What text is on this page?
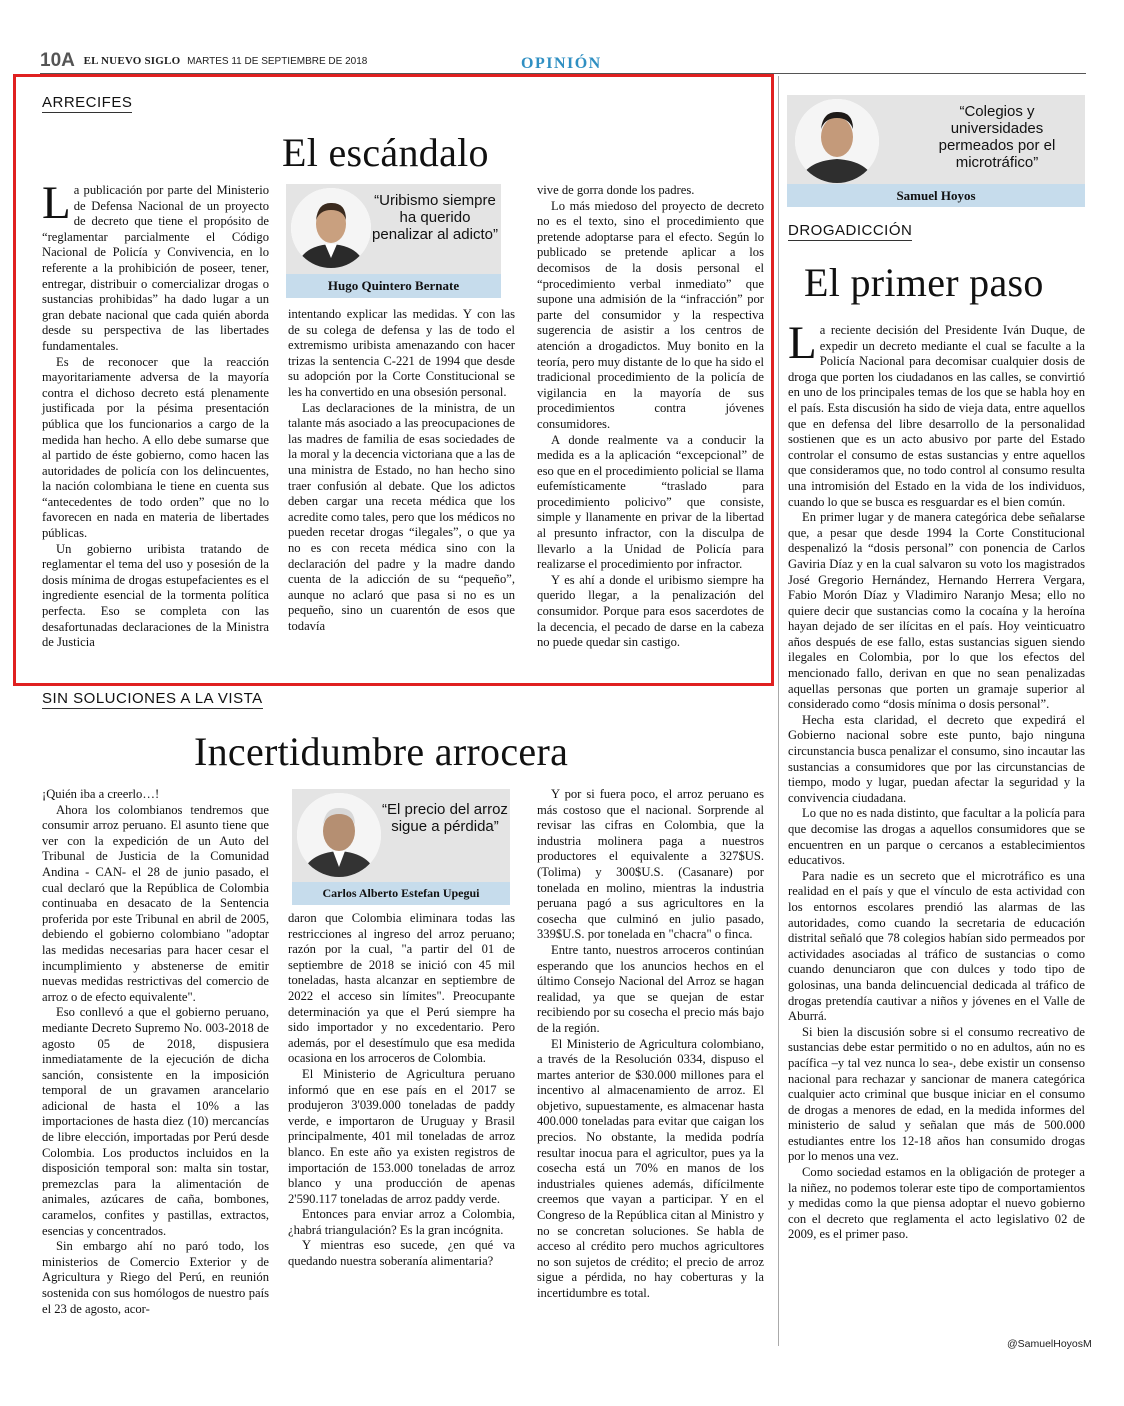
10A EL NUEVO SIGLO MARTES 11 DE SEPTIEMBRE DE 2018	OPINIÓN
ARRECIFES
El escándalo

La publicación por parte del Ministerio de Defensa Nacional de un proyecto de decreto que tiene el propósito de “reglamentar parcialmente el Código Nacional de Policía y Convivencia, en lo referente a la prohibición de poseer, tener, entregar, distribuir o comercializar drogas o sustancias prohibidas” ha dado lugar a un gran debate nacional que cada quién aborda desde su perspectiva de las libertades fundamentales.

Es de reconocer que la reacción mayoritariamente adversa de la mayoría contra el dichoso decreto está plenamente justificada por la pésima presentación pública que los funcionarios a cargo de la medida han hecho. A ello debe sumarse que al partido de éste gobierno, como hacen las autoridades de policía con los delincuentes, la nación colombiana le tiene en cuenta sus “antecedentes de todo orden” que no lo favorecen en nada en materia de libertades públicas.

Un gobierno uribista tratando de reglamentar el tema del uso y posesión de la dosis mínima de drogas estupefacientes es el ingrediente esencial de la tormenta política perfecta. Eso se completa con las desafortunadas declaraciones de la Ministra de Justicia

“Uribismo siempre ha querido penalizar al adicto”
Hugo Quintero Bernate

intentando explicar las medidas. Y con las de su colega de defensa y las de todo el extremismo uribista amenazando con hacer trizas la sentencia C-221 de 1994 que desde su adopción por la Corte Constitucional se les ha convertido en una obsesión personal.

Las declaraciones de la ministra, de un talante más asociado a las preocupaciones de las madres de familia de esas sociedades de la moral y la decencia victoriana que a las de una ministra de Estado, no han hecho sino traer confusión al debate. Que los adictos deben cargar una receta médica que los acredite como tales, pero que los médicos no pueden recetar drogas “ilegales”, o que ya no es con receta médica sino con la declaración del padre y la madre dando cuenta de la adicción de su “pequeño”, aunque no aclaró que pasa si no es un pequeño, sino un cuarentón de esos que todavía

vive de gorra donde los padres.

Lo más miedoso del proyecto de decreto no es el texto, sino el procedimiento que pretende adoptarse para el efecto. Según lo publicado se pretende aplicar a los decomisos de la dosis personal el “procedimiento verbal inmediato” que supone una admisión de la “infracción” por parte del consumidor y la respectiva sugerencia de asistir a los centros de atención a drogadictos. Muy bonito en la teoría, pero muy distante de lo que ha sido el tradicional procedimiento de la policía de vigilancia en la mayoría de sus procedimientos contra jóvenes consumidores.

A donde realmente va a conducir la medida es a la aplicación “excepcional” de eso que en el procedimiento policial se llama eufemísticamente “traslado para procedimiento policivo” que consiste, simple y llanamente en privar de la libertad al presunto infractor, con la disculpa de llevarlo a la Unidad de Policía para realizarse el procedimiento por infractor.

Y es ahí a donde el uribismo siempre ha querido llegar, a la penalización del consumidor. Porque para esos sacerdotes de la decencia, el pecado de darse en la cabeza no puede quedar sin castigo.

SIN SOLUCIONES A LA VISTA
Incertidumbre arrocera

¡Quién iba a creerlo…!

Ahora los colombianos tendremos que consumir arroz peruano. El asunto tiene que ver con la expedición de un Auto del Tribunal de Justicia de la Comunidad Andina - CAN- el 28 de junio pasado, el cual declaró que la República de Colombia continuaba en desacato de la Sentencia proferida por este Tribunal en abril de 2005, debiendo el gobierno colombiano "adoptar las medidas necesarias para hacer cesar el incumplimiento y abstenerse de emitir nuevas medidas restrictivas del comercio de arroz o de efecto equivalente".

Eso conllevó a que el gobierno peruano, mediante Decreto Supremo No. 003-2018 de agosto 05 de 2018, dispusiera inmediatamente de la ejecución de dicha sanción, consistente en la imposición temporal de un gravamen arancelario adicional de hasta el 10% a las importaciones de hasta diez (10) mercancías de libre elección, importadas por Perú desde Colombia. Los productos incluidos en la disposición temporal son: malta sin tostar, premezclas para la alimentación de animales, azúcares de caña, bombones, caramelos, confites y pastillas, extractos, esencias y concentrados.

Sin embargo ahí no paró todo, los ministerios de Comercio Exterior y de Agricultura y Riego del Perú, en reunión sostenida con sus homólogos de nuestro país el 23 de agosto, acor-

“El precio del arroz sigue a pérdida”
Carlos Alberto Estefan Upegui

daron que Colombia eliminara todas las restricciones al ingreso del arroz peruano; razón por la cual, "a partir del 01 de septiembre de 2018 se inició con 45 mil toneladas, hasta alcanzar en septiembre de 2022 el acceso sin límites". Preocupante determinación ya que el Perú siempre ha sido importador y no excedentario. Pero además, por el desestímulo que esa medida ocasiona en los arroceros de Colombia.

El Ministerio de Agricultura peruano informó que en ese país en el 2017 se produjeron 3'039.000 toneladas de paddy verde, e importaron de Uruguay y Brasil principalmente, 401 mil toneladas de arroz blanco. En este año ya existen registros de importación de 153.000 toneladas de arroz blanco y una producción de apenas 2'590.117 toneladas de arroz paddy verde.

Entonces para enviar arroz a Colombia, ¿habrá triangulación? Es la gran incógnita.

Y mientras eso sucede, ¿en qué va quedando nuestra soberanía alimentaria?

Y por si fuera poco, el arroz peruano es más costoso que el nacional. Sorprende al revisar las cifras en Colombia, que la industria molinera paga a nuestros productores el equivalente a 327$US. (Tolima) y 300$U.S. (Casanare) por tonelada en molino, mientras la industria peruana pagó a sus agricultores en la cosecha que culminó en julio pasado, 339$U.S. por tonelada en "chacra" o finca.

Entre tanto, nuestros arroceros continúan esperando que los anuncios hechos en el último Consejo Nacional del Arroz se hagan realidad, ya que se quejan de estar recibiendo por su cosecha el precio más bajo de la región.

El Ministerio de Agricultura colombiano, a través de la Resolución 0334, dispuso el martes anterior de $30.000 millones para el incentivo al almacenamiento de arroz. El objetivo, supuestamente, es almacenar hasta 400.000 toneladas para evitar que caigan los precios. No obstante, la medida podría resultar inocua para el agricultor, pues ya la cosecha está un 70% en manos de los industriales quienes además, difícilmente creemos que vayan a participar. Y en el Congreso de la República citan al Ministro y no se concretan soluciones. Se habla de acceso al crédito pero muchos agricultores no son sujetos de crédito; el precio de arroz sigue a pérdida, no hay coberturas y la incertidumbre es total.

“Colegios y universidades permeados por el microtráfico”
Samuel Hoyos
DROGADICCIÓN
El primer paso

La reciente decisión del Presidente Iván Duque, de expedir un decreto mediante el cual se faculte a la Policía Nacional para decomisar cualquier dosis de droga que porten los ciudadanos en las calles, se convirtió en uno de los principales temas de los que se habla hoy en el país. Esta discusión ha sido de vieja data, entre aquellos que en defensa del libre desarrollo de la personalidad sostienen que es un acto abusivo por parte del Estado controlar el consumo de estas sustancias y entre aquellos que consideramos que, no todo control al consumo resulta una intromisión del Estado en la vida de los individuos, cuando lo que se busca es resguardar es el bien común.

En primer lugar y de manera categórica debe señalarse que, a pesar que desde 1994 la Corte Constitucional despenalizó la “dosis personal” con ponencia de Carlos Gaviria Díaz y en la cual salvaron su voto los magistrados José Gregorio Hernández, Hernando Herrera Vergara, Fabio Morón Díaz y Vladimiro Naranjo Mesa; ello no quiere decir que sustancias como la cocaína y la heroína hayan dejado de ser ilícitas en el país. Hoy veinticuatro años después de ese fallo, estas sustancias siguen siendo ilegales en Colombia, por lo que los efectos del mencionado fallo, derivan en que no sean penalizadas aquellas personas que porten un gramaje superior al considerado como “dosis mínima o dosis personal”.

Hecha esta claridad, el decreto que expedirá el Gobierno nacional sobre este punto, bajo ninguna circunstancia busca penalizar el consumo, sino incautar las sustancias a consumidores que por las circunstancias de tiempo, modo y lugar, puedan afectar la seguridad y la convivencia ciudadana.

Lo que no es nada distinto, que facultar a la policía para que decomise las drogas a aquellos consumidores que se encuentren en un parque o cercanos a establecimientos educativos.

Para nadie es un secreto que el microtráfico es una realidad en el país y que el vínculo de esta actividad con los entornos escolares prendió las alarmas de las autoridades, como cuando la secretaria de educación distrital señaló que 78 colegios habían sido permeados por actividades asociadas al tráfico de sustancias o como cuando denunciaron que con dulces y todo tipo de golosinas, una banda delincuencial dedicada al tráfico de drogas pretendía cautivar a niños y jóvenes en el Valle de Aburrá.

Si bien la discusión sobre si el consumo recreativo de sustancias debe estar permitido o no en adultos, aún no es pacífica –y tal vez nunca lo sea-, debe existir un consenso nacional para rechazar y sancionar de manera categórica cualquier acto criminal que busque iniciar en el consumo de drogas a menores de edad, en la medida informes del ministerio de salud y señalan que más de 500.000 estudiantes entre los 12-18 años han consumido drogas por lo menos una vez.

Como sociedad estamos en la obligación de proteger a la niñez, no podemos tolerar este tipo de comportamientos y medidas como la que piensa adoptar el nuevo gobierno con el decreto que reglamenta el acto legislativo 02 de 2009, es el primer paso.

@SamuelHoyosM
